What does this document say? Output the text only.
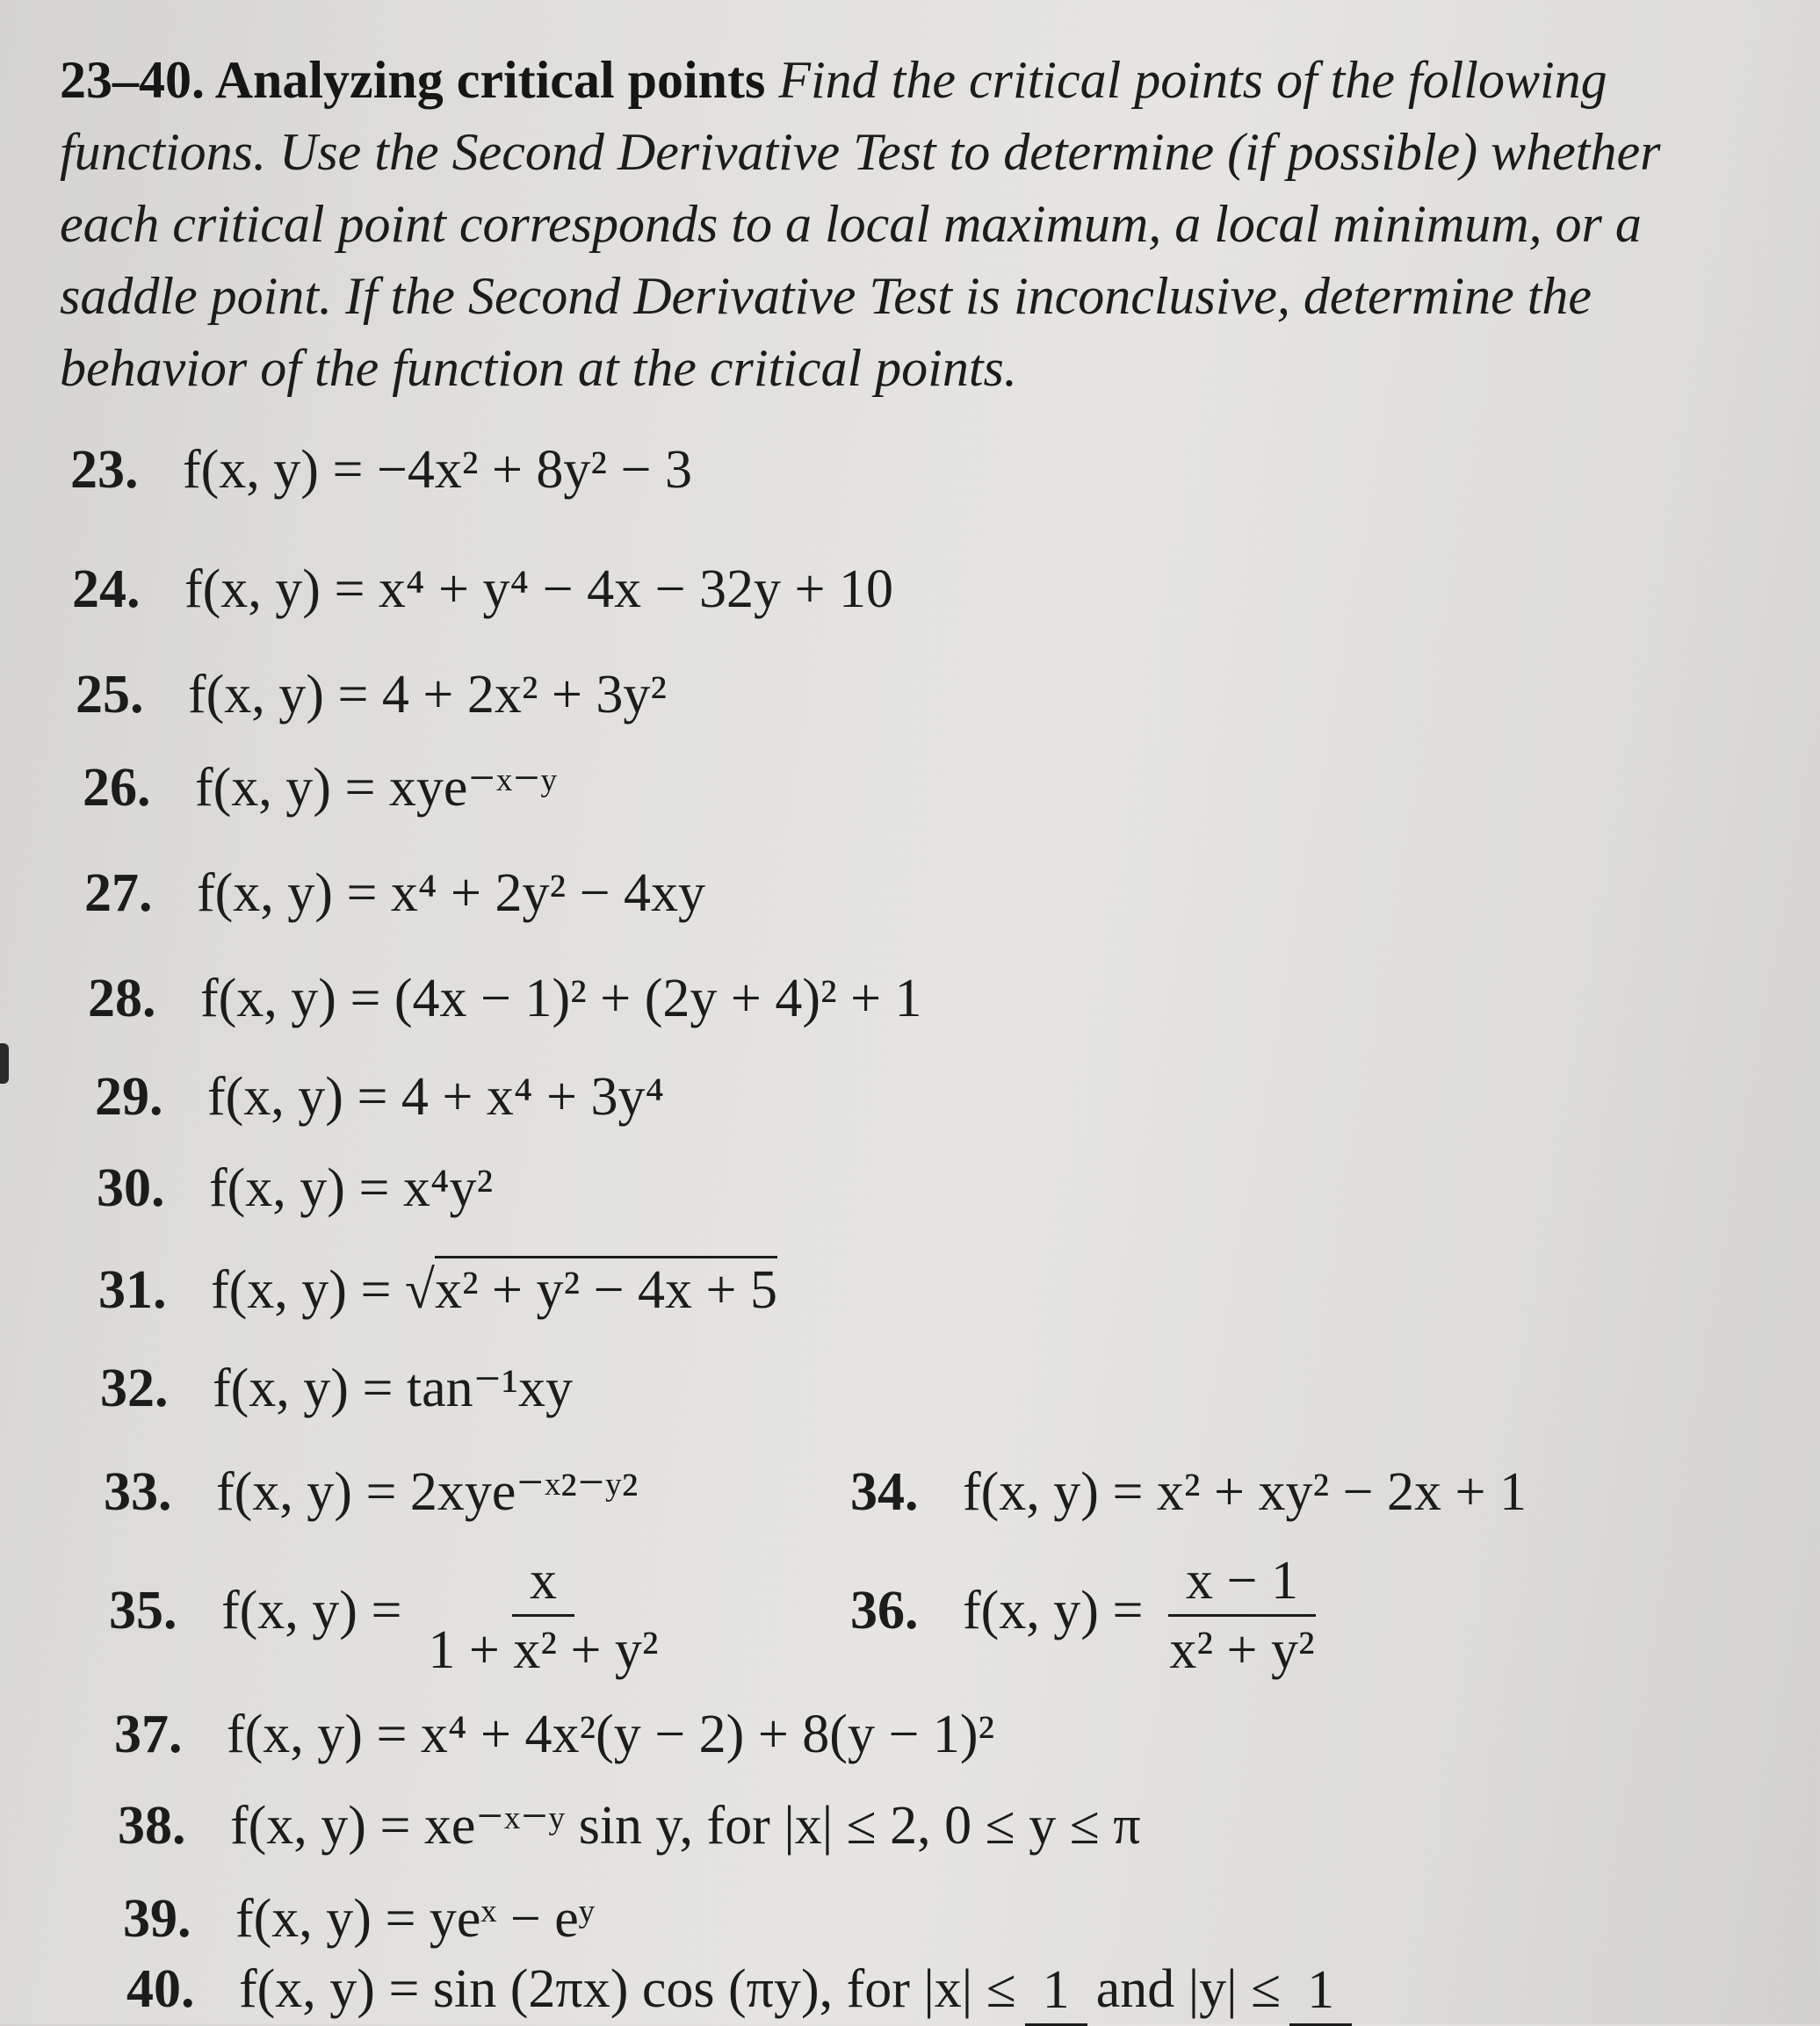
23–40. Analyzing critical points Find the critical points of the following functions. Use the Second Derivative Test to determine (if possible) whether each critical point corresponds to a local maximum, a local minimum, or a saddle point. If the Second Derivative Test is inconclusive, determine the behavior of the function at the critical points.
23. f(x, y) = −4x² + 8y² − 3
24. f(x, y) = x⁴ + y⁴ − 4x − 32y + 10
25. f(x, y) = 4 + 2x² + 3y²
26. f(x, y) = xye⁻ˣ⁻ʸ
27. f(x, y) = x⁴ + 2y² − 4xy
28. f(x, y) = (4x − 1)² + (2y + 4)² + 1
29. f(x, y) = 4 + x⁴ + 3y⁴
30. f(x, y) = x⁴y²
31. f(x, y) = √x² + y² − 4x + 5
32. f(x, y) = tan⁻¹xy
33. f(x, y) = 2xye⁻ˣ²⁻ʸ²	34. f(x, y) = x² + xy² − 2x + 1
35. f(x, $y) = \frac{x}{\text{1 + x² + y²}}$	36. f(x, $y) = \frac{x - 1}{\text{x² + y²}}$
37. f(x, y) = x⁴ + 4x²(y − 2) + 8(y − 1)²
38. f(x, y) = xe⁻ˣ⁻ʸ sin y, for |x| ≤ 2, 0 ≤ y ≤ π
39. f(x, y) = yeˣ − eʸ
40. f(x, y) = sin (2πx) cos (πy), for |x| ≤ 1 and |y| ≤ 1
